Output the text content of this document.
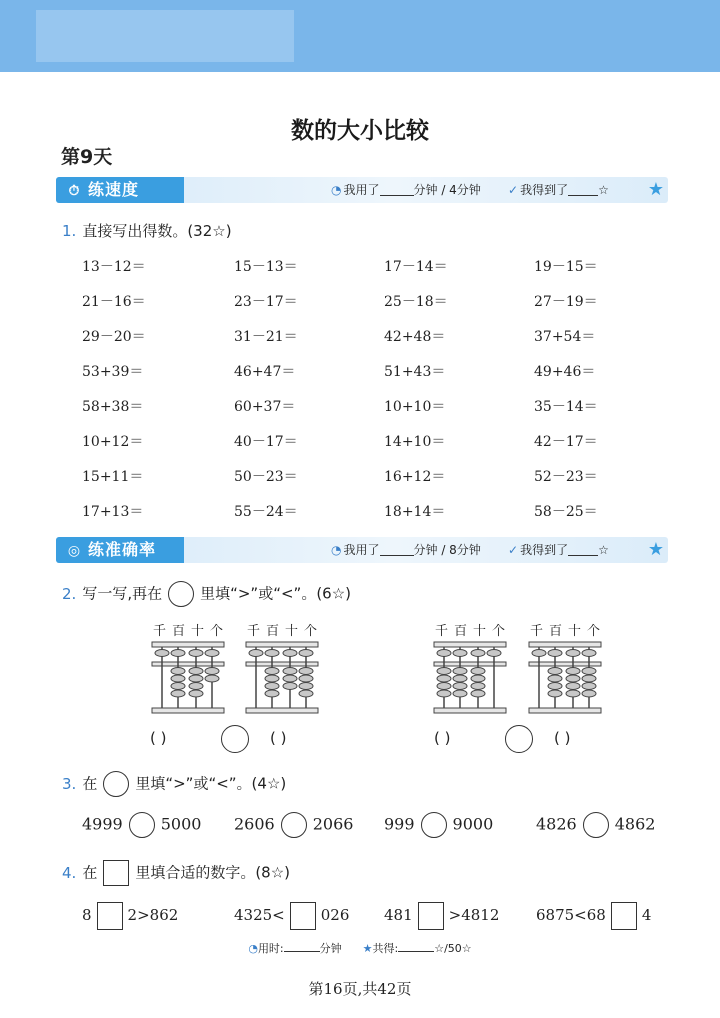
数的大小比较
第9天
⏱ 练速度	◔ 我用了	分钟 / 4分钟 ✓ 我得到了	☆ ★
1. 直接写出得数。(32☆)
13－12＝	15－13＝	17－14＝	19－15＝
21－16＝	23－17＝	25－18＝	27－19＝
29－20＝	31－21＝	42+48＝	37+54＝
53+39＝	46+47＝	51+43＝	49+46＝
58+38＝	60+37＝	10+10＝	35－14＝
10+12＝	40－17＝	14+10＝	42－17＝
15+11＝	50－23＝	16+12＝	52－23＝
17+13＝	55－24＝	18+14＝	58－25＝
◎ 练准确率	◔ 我用了	分钟 / 8分钟 ✓ 我得到了	☆ ★
2. 写一写,再在	里填“>”或“<”。(6☆)
千 百 十 个 千 百 十 个	千 百 十 个 千 百 十 个
( )	( )	( )	( )
3. 在	里填“>”或“<”。(4☆)
4999 5000 2606 2066 999 9000	4826 4862
4. 在	里填合适的数字。(8☆)
8 2>862	4325< 026 481 >4812 6875<68 4
◔用时:	分钟 ★共得:	☆/50☆
第16页,共42页
